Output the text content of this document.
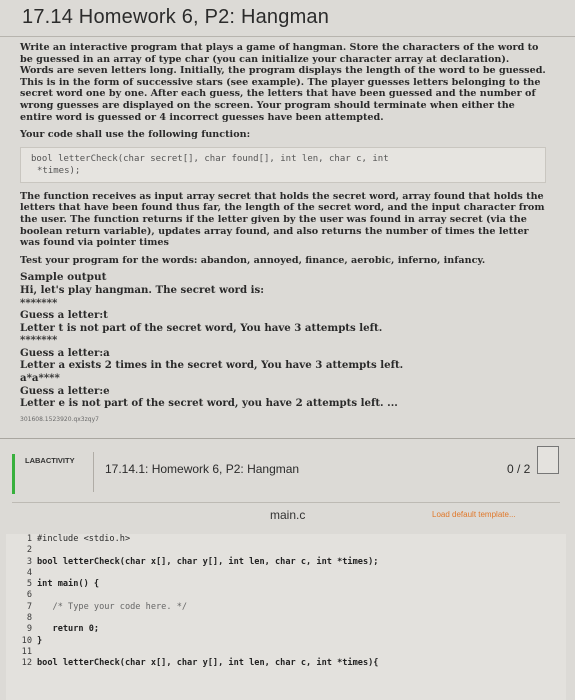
17.14 Homework 6, P2: Hangman

Write an interactive program that plays a game of hangman. Store the characters of the word to be guessed in an array of type char (you can initialize your character array at declaration). Words are seven letters long. Initially, the program displays the length of the word to be guessed. This is in the form of successive stars (see example). The player guesses letters belonging to the secret word one by one. After each guess, the letters that have been guessed and the number of wrong guesses are displayed on the screen. Your program should terminate when either the entire word is guessed or 4 incorrect guesses have been attempted.

Your code shall use the following function:

bool letterCheck(char secret[], char found[], int len, char c, int
*times);

The function receives as input array secret that holds the secret word, array found that holds the letters that have been found thus far, the length of the secret word, and the input character from the user. The function returns if the letter given by the user was found in array secret (via the boolean return variable), updates array found, and also returns the number of times the letter was found via pointer times

Test your program for the words: abandon, annoyed, finance, aerobic, inferno, infancy.

Sample output
Hi, let's play hangman. The secret word is:
*******
Guess a letter:t
Letter t is not part of the secret word, You have 3 attempts left.
*******
Guess a letter:a
Letter a exists 2 times in the secret word, You have 3 attempts left.
a*a****
Guess a letter:e
Letter e is not part of the secret word, you have 2 attempts left. ...
301608.1523920.qx3zqy7
LABACTIVITY
17.14.1: Homework 6, P2: Hangman	0 / 2
main.c	Load default template...
1 #include <stdio.h>
2
3 bool letterCheck(char x[], char y[], int len, char c, int *times);
4
5 int main() {
6
7   /* Type your code here. */
8
9   return 0;
10 }
11
12 bool letterCheck(char x[], char y[], int len, char c, int *times){
